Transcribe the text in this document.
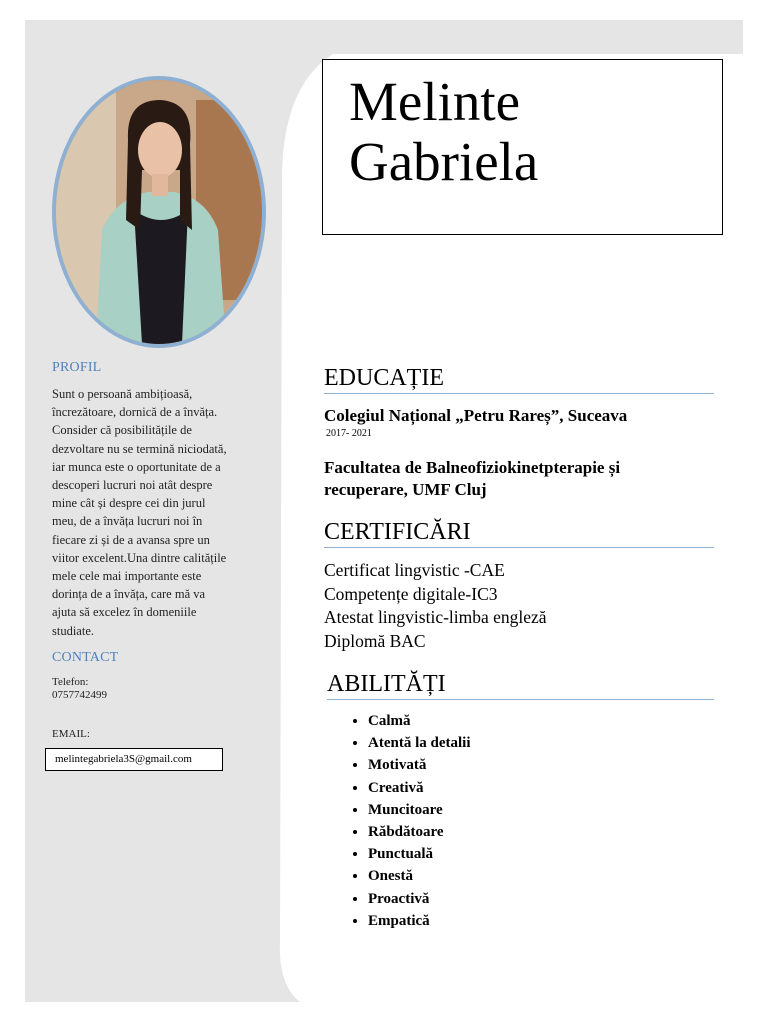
PROFIL
Sunt o persoană ambițioasă,
încrezătoare, dornică de a învăța.
Consider că posibilitățile de
dezvoltare nu se termină niciodată,
iar munca este o oportunitate de a
descoperi lucruri noi atât despre
mine cât și despre cei din jurul
meu, de a învăța lucruri noi în
fiecare zi și de a avansa spre un
viitor excelent.Una dintre calitățile
mele cele mai importante este
dorința de a învăța, care mă va
ajuta să excelez în domeniile
studiate.
CONTACT
Telefon:
0757742499
EMAIL:
melintegabriela3S@gmail.com
Melinte
Gabriela
EDUCAȚIE
Colegiul Național „Petru Rareș”, Suceava
2017- 2021
Facultatea de Balneofiziokinetpterapie și
recuperare, UMF Cluj
CERTIFICĂRI
Certificat lingvistic -CAE
Competențe digitale-IC3
Atestat lingvistic-limba engleză
Diplomă BAC
ABILITĂȚI
• Calmă
• Atentă la detalii
• Motivată
• Creativă
• Muncitoare
• Răbdătoare
• Punctuală
• Onestă
• Proactivă
• Empatică
